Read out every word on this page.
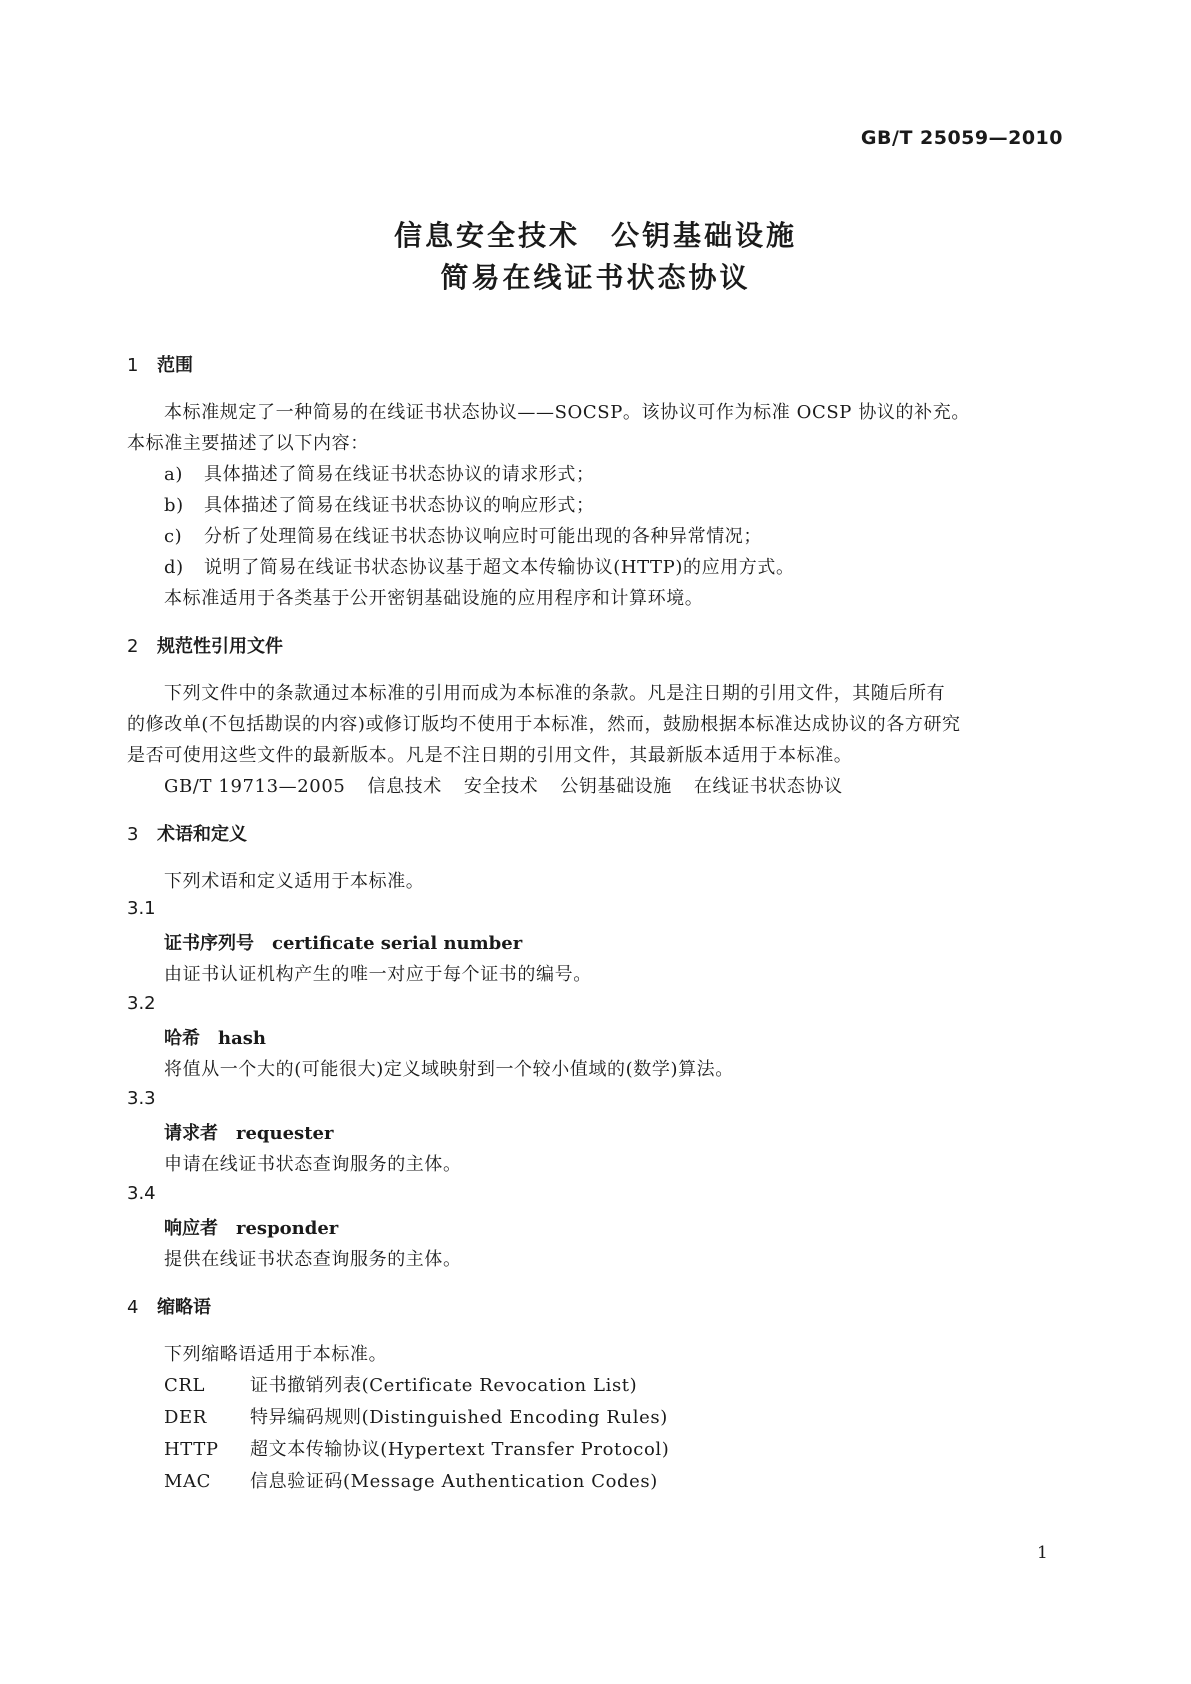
GB/T 25059—2010
信息安全技术　公钥基础设施
简易在线证书状态协议
1 范围
本标准规定了一种简易的在线证书状态协议——SOCSP。该协议可作为标准 OCSP 协议的补充。
本标准主要描述了以下内容：
a) 具体描述了简易在线证书状态协议的请求形式；
b) 具体描述了简易在线证书状态协议的响应形式；
c) 分析了处理简易在线证书状态协议响应时可能出现的各种异常情况；
d) 说明了简易在线证书状态协议基于超文本传输协议(HTTP)的应用方式。
本标准适用于各类基于公开密钥基础设施的应用程序和计算环境。
2 规范性引用文件
下列文件中的条款通过本标准的引用而成为本标准的条款。凡是注日期的引用文件，其随后所有
的修改单(不包括勘误的内容)或修订版均不使用于本标准，然而，鼓励根据本标准达成协议的各方研究
是否可使用这些文件的最新版本。凡是不注日期的引用文件，其最新版本适用于本标准。
GB/T 19713—2005 信息技术 安全技术 公钥基础设施 在线证书状态协议
3 术语和定义
下列术语和定义适用于本标准。
3.1
证书序列号 certificate serial number
由证书认证机构产生的唯一对应于每个证书的编号。
3.2
哈希 hash
将值从一个大的(可能很大)定义域映射到一个较小值域的(数学)算法。
3.3
请求者 requester
申请在线证书状态查询服务的主体。
3.4
响应者 responder
提供在线证书状态查询服务的主体。
4 缩略语
下列缩略语适用于本标准。
CRL 证书撤销列表(Certificate Revocation List)
DER 特异编码规则(Distinguished Encoding Rules)
HTTP 超文本传输协议(Hypertext Transfer Protocol)
MAC 信息验证码(Message Authentication Codes)
1
